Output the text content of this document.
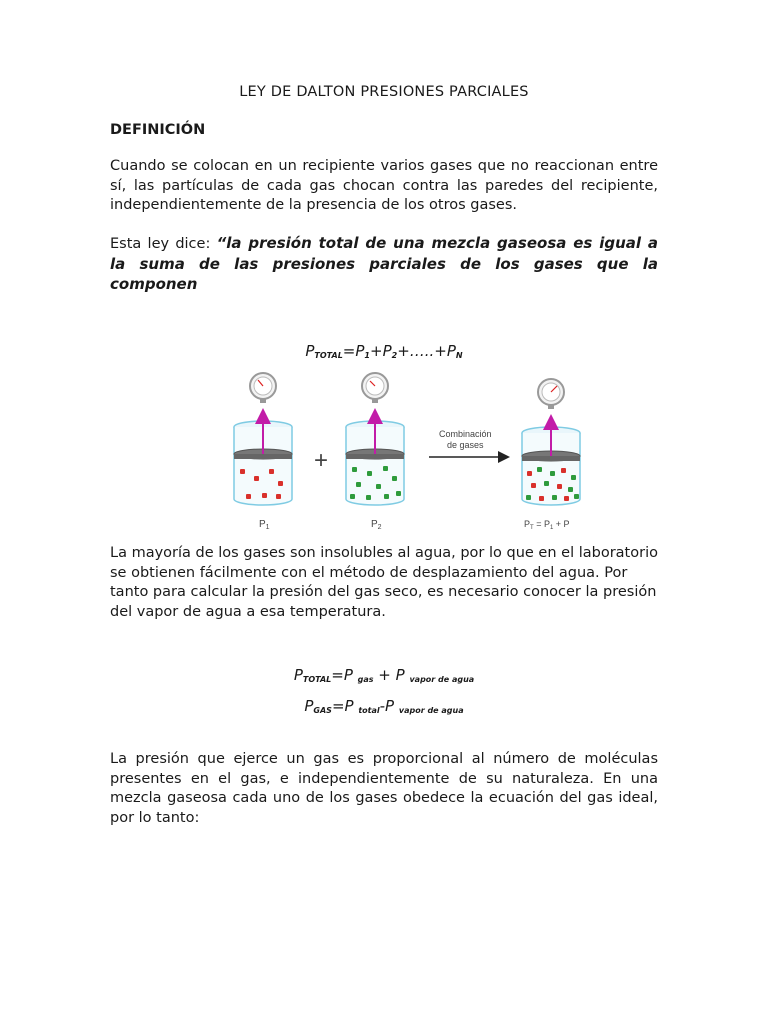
LEY DE DALTON PRESIONES PARCIALES
DEFINICIÓN
Cuando se colocan en un recipiente varios gases que no reaccionan entre sí, las partículas de cada gas chocan contra las paredes del recipiente, independientemente de la presencia de los otros gases.
Esta ley dice: “la presión total de una mezcla gaseosa es igual a la suma de las presiones parciales de los gases que la componen
$P_{TOTAL}=P_1+P_2+\dots..+P_N$
$P_1$
+
$P_2$
Combinación
de gases
$P_T = P_1 + P$
La mayoría de los gases son insolubles al agua, por lo que en el laboratorio se obtienen fácilmente con el método de desplazamiento del agua. Por tanto para calcular la presión del gas seco, es necesario conocer la presión del vapor de agua a esa temperatura.
$P_{TOTAL}=P$ $_{gas}$ + P $_{vapor de agua}$
$P_{GAS}=P$ $_{total}$-P $_{vapor de agua}$
La presión que ejerce un gas es proporcional al número de moléculas presentes en el gas, e independientemente de su naturaleza. En una mezcla gaseosa cada uno de los gases obedece la ecuación del gas ideal, por lo tanto:
